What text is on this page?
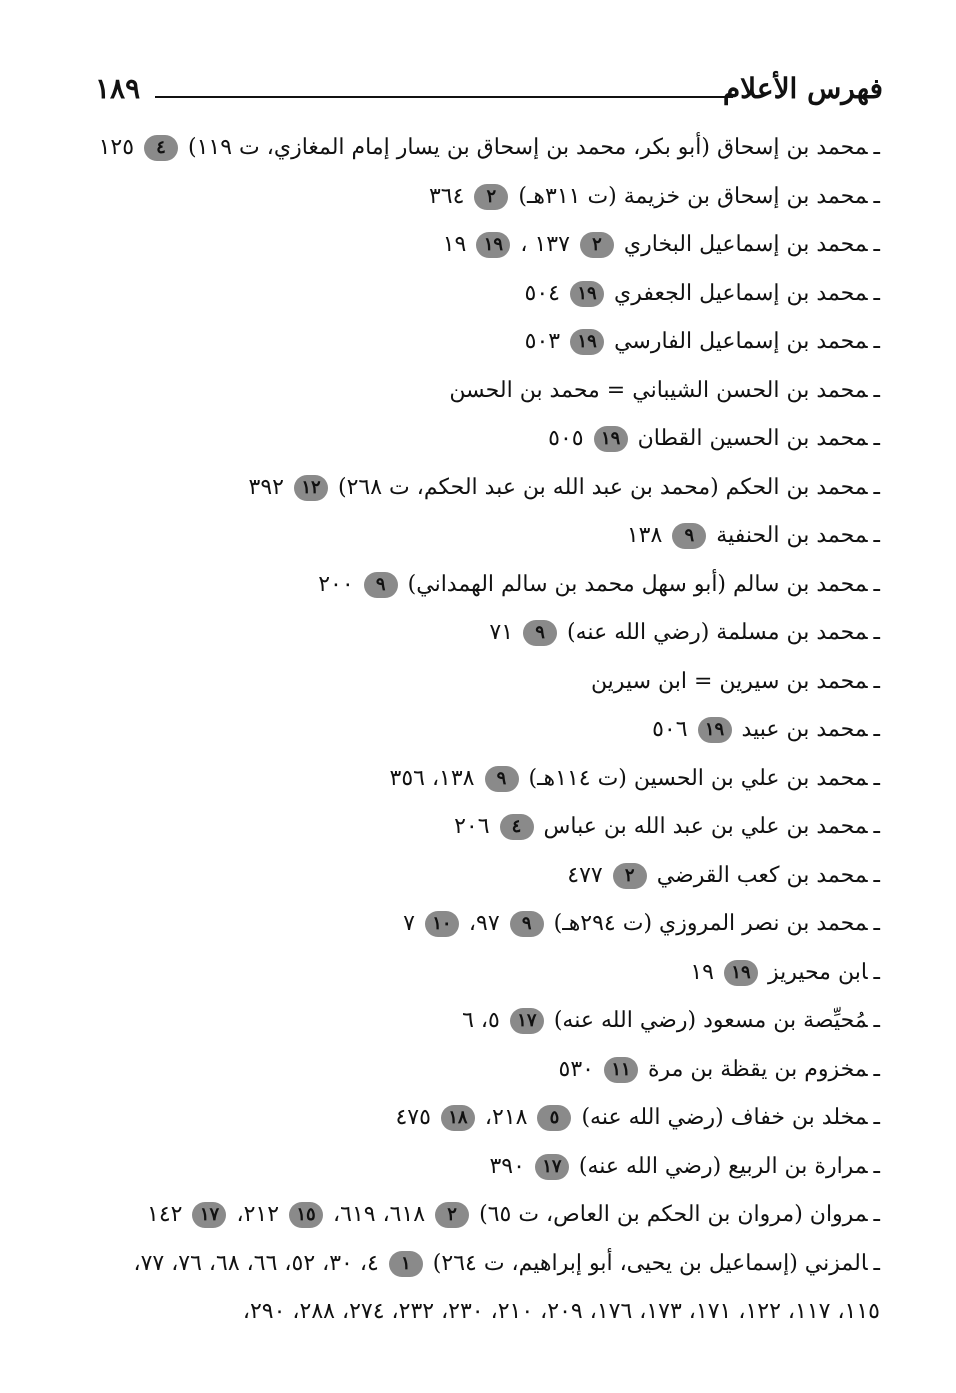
فهرس الأعلام
١٨٩
ـمحمد بن إسحاق (أبو بكر، محمد بن إسحاق بن يسار إمام المغازي، ت ١١٩) ٤ ١٢٥
ـمحمد بن إسحاق بن خزيمة (ت ٣١١هـ) ٢ ٣٦٤
ـمحمد بن إسماعيل البخاري ٢ ١٣٧ ، ١٩ ١٩
ـمحمد بن إسماعيل الجعفري ١٩ ٥٠٤
ـمحمد بن إسماعيل الفارسي ١٩ ٥٠٣
ـمحمد بن الحسن الشيباني = محمد بن الحسن
ـمحمد بن الحسين القطان ١٩ ٥٠٥
ـمحمد بن الحكم (محمد بن عبد الله بن عبد الحكم، ت ٢٦٨) ١٢ ٣٩٢
ـمحمد بن الحنفية ٩ ١٣٨
ـمحمد بن سالم (أبو سهل محمد بن سالم الهمداني) ٩ ٢٠٠
ـمحمد بن مسلمة (رضي الله عنه) ٩ ٧١
ـمحمد بن سيرين = ابن سيرين
ـمحمد بن عبيد ١٩ ٥٠٦
ـمحمد بن علي بن الحسين (ت ١١٤هـ) ٩ ١٣٨، ٣٥٦
ـمحمد بن علي بن عبد الله بن عباس ٤ ٢٠٦
ـمحمد بن كعب القرضي ٢ ٤٧٧
ـمحمد بن نصر المروزي (ت ٢٩٤هـ) ٩ ٩٧، ١٠ ٧
ـابن محيريز ١٩ ١٩
ـمُحيِّصة بن مسعود (رضي الله عنه) ١٧ ٥، ٦
ـمخزوم بن يقظة بن مرة ١١ ٥٣٠
ـمخلد بن خفاف (رضي الله عنه) ٥ ٢١٨، ١٨ ٤٧٥
ـمرارة بن الربيع (رضي الله عنه) ١٧ ٣٩٠
ـمروان (مروان بن الحكم بن العاص، ت ٦٥) ٢ ٦١٨، ٦١٩، ١٥ ٢١٢، ١٧ ١٤٢
ـالمزني (إسماعيل بن يحيى، أبو إبراهيم، ت ٢٦٤) ١ ٤، ٣٠، ٥٢، ٦٦، ٦٨، ٧٦، ٧٧،
١١٥، ١١٧، ١٢٢، ١٧١، ١٧٣، ١٧٦، ٢٠٩، ٢١٠، ٢٣٠، ٢٣٢، ٢٧٤، ٢٨٨، ٢٩٠،
